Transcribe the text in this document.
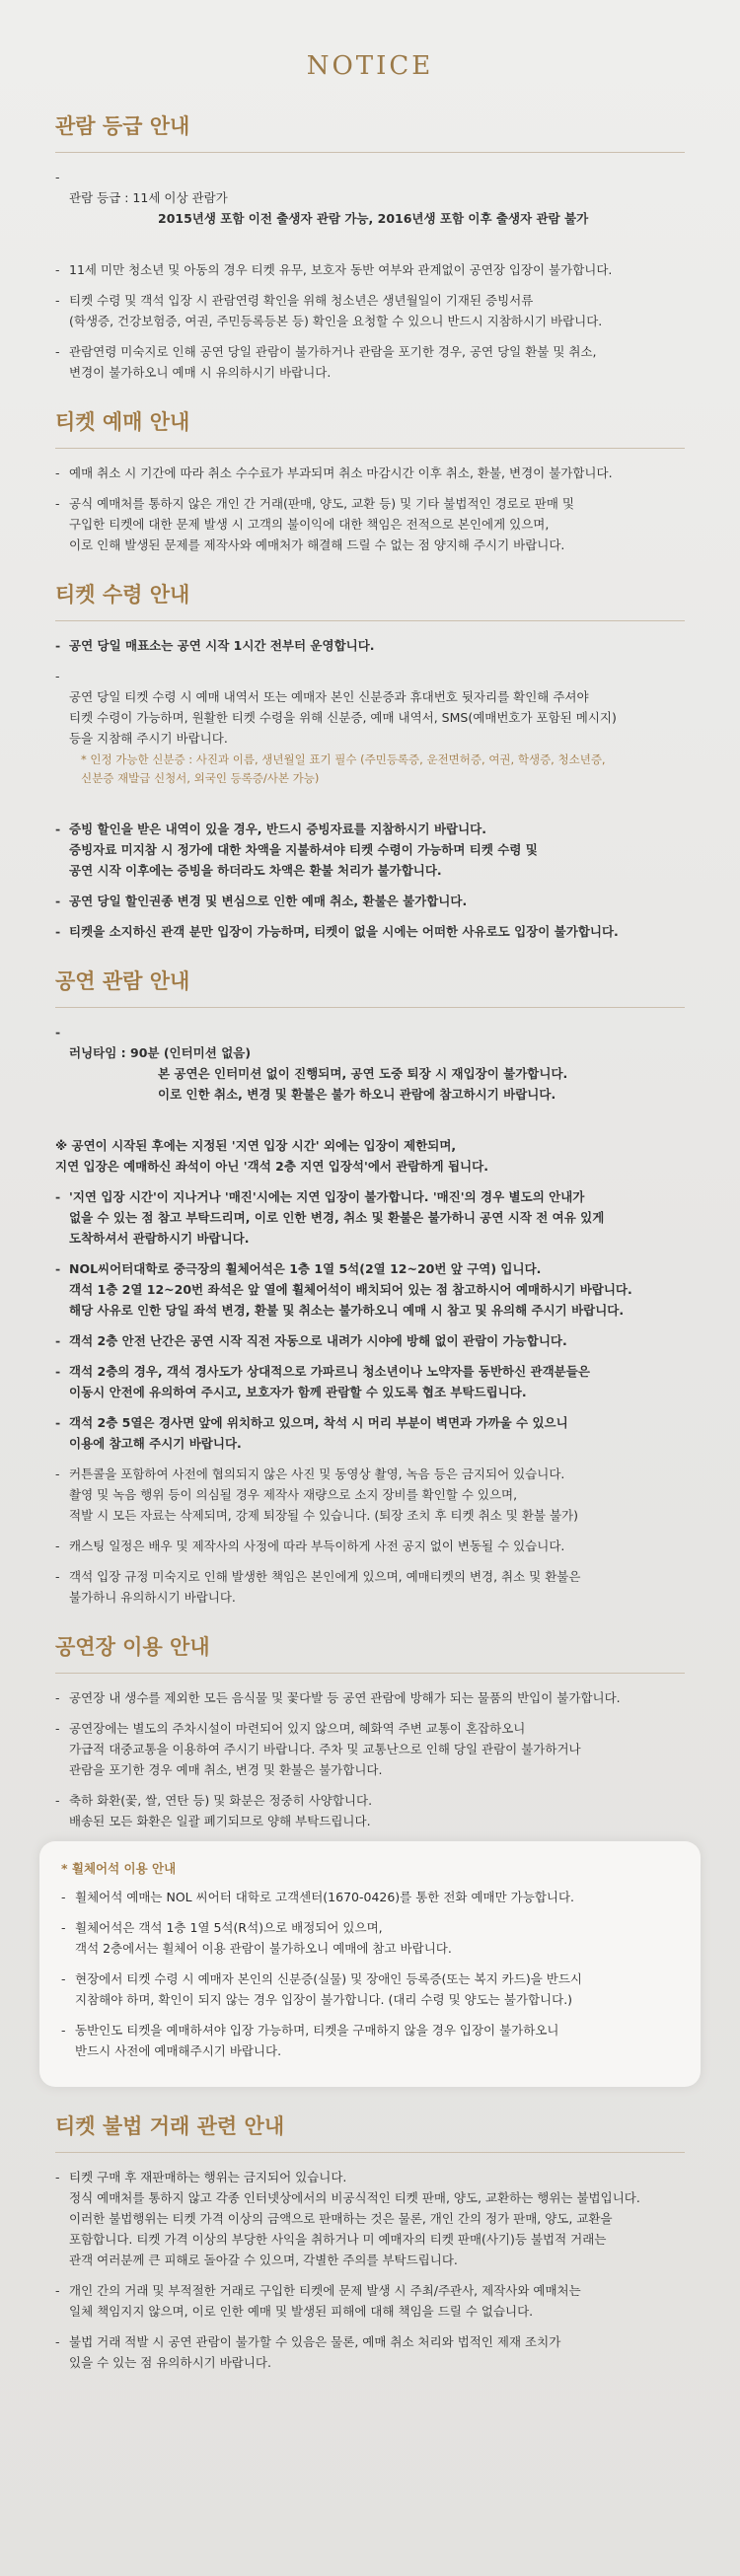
NOTICE
관람 등급 안내

- 관람 등급 : 11세 이상 관람가

2015년생 포함 이전 출생자 관람 가능, 2016년생 포함 이후 출생자 관람 불가

- 11세 미만 청소년 및 아동의 경우 티켓 유무, 보호자 동반 여부와 관계없이 공연장 입장이 불가합니다.
- 티켓 수령 및 객석 입장 시 관람연령 확인을 위해 청소년은 생년월일이 기재된 증빙서류
(학생증, 건강보험증, 여권, 주민등록등본 등) 확인을 요청할 수 있으니 반드시 지참하시기 바랍니다.
- 관람연령 미숙지로 인해 공연 당일 관람이 불가하거나 관람을 포기한 경우, 공연 당일 환불 및 취소,
변경이 불가하오니 예매 시 유의하시기 바랍니다.
티켓 예매 안내
- 예매 취소 시 기간에 따라 취소 수수료가 부과되며 취소 마감시간 이후 취소, 환불, 변경이 불가합니다.
- 공식 예매처를 통하지 않은 개인 간 거래(판매, 양도, 교환 등) 및 기타 불법적인 경로로 판매 및
구입한 티켓에 대한 문제 발생 시 고객의 불이익에 대한 책임은 전적으로 본인에게 있으며,
이로 인해 발생된 문제를 제작사와 예매처가 해결해 드릴 수 없는 점 양지해 주시기 바랍니다.
티켓 수령 안내
- 공연 당일 매표소는 공연 시작 1시간 전부터 운영합니다.

- 공연 당일 티켓 수령 시 예매 내역서 또는 예매자 본인 신분증과 휴대번호 뒷자리를 확인해 주셔야
티켓 수령이 가능하며, 원활한 티켓 수령을 위해 신분증, 예매 내역서, SMS(예매번호가 포함된 메시지)
등을 지참해 주시기 바랍니다.

* 인정 가능한 신분증 : 사진과 이름, 생년월일 표기 필수 (주민등록증, 운전면허증, 여권, 학생증, 청소년증,
신분증 재발급 신청서, 외국인 등록증/사본 가능)

- 증빙 할인을 받은 내역이 있을 경우, 반드시 증빙자료를 지참하시기 바랍니다.
증빙자료 미지참 시 정가에 대한 차액을 지불하셔야 티켓 수령이 가능하며 티켓 수령 및
공연 시작 이후에는 증빙을 하더라도 차액은 환불 처리가 불가합니다.
- 공연 당일 할인권종 변경 및 변심으로 인한 예매 취소, 환불은 불가합니다.
- 티켓을 소지하신 관객 분만 입장이 가능하며, 티켓이 없을 시에는 어떠한 사유로도 입장이 불가합니다.
공연 관람 안내

- 러닝타임 : 90분 (인터미션 없음)

본 공연은 인터미션 없이 진행되며, 공연 도중 퇴장 시 재입장이 불가합니다.
이로 인한 취소, 변경 및 환불은 불가 하오니 관람에 참고하시기 바랍니다.

※ 공연이 시작된 후에는 지정된 '지연 입장 시간' 외에는 입장이 제한되며,
지연 입장은 예매하신 좌석이 아닌 '객석 2층 지연 입장석'에서 관람하게 됩니다.
- '지연 입장 시간'이 지나거나 '매진'시에는 지연 입장이 불가합니다. '매진'의 경우 별도의 안내가
없을 수 있는 점 참고 부탁드리며, 이로 인한 변경, 취소 및 환불은 불가하니 공연 시작 전 여유 있게
도착하셔서 관람하시기 바랍니다.
- NOL씨어터대학로 중극장의 휠체어석은 1층 1열 5석(2열 12~20번 앞 구역) 입니다.
객석 1층 2열 12~20번 좌석은 앞 열에 휠체어석이 배치되어 있는 점 참고하시어 예매하시기 바랍니다.
해당 사유로 인한 당일 좌석 변경, 환불 및 취소는 불가하오니 예매 시 참고 및 유의해 주시기 바랍니다.
- 객석 2층 안전 난간은 공연 시작 직전 자동으로 내려가 시야에 방해 없이 관람이 가능합니다.
- 객석 2층의 경우, 객석 경사도가 상대적으로 가파르니 청소년이나 노약자를 동반하신 관객분들은
이동시 안전에 유의하여 주시고, 보호자가 함께 관람할 수 있도록 협조 부탁드립니다.
- 객석 2층 5열은 경사면 앞에 위치하고 있으며, 착석 시 머리 부분이 벽면과 가까울 수 있으니
이용에 참고해 주시기 바랍니다.
- 커튼콜을 포함하여 사전에 협의되지 않은 사진 및 동영상 촬영, 녹음 등은 금지되어 있습니다.
촬영 및 녹음 행위 등이 의심될 경우 제작사 재량으로 소지 장비를 확인할 수 있으며,
적발 시 모든 자료는 삭제되며, 강제 퇴장될 수 있습니다. (퇴장 조치 후 티켓 취소 및 환불 불가)
- 캐스팅 일정은 배우 및 제작사의 사정에 따라 부득이하게 사전 공지 없이 변동될 수 있습니다.
- 객석 입장 규정 미숙지로 인해 발생한 책임은 본인에게 있으며, 예매티켓의 변경, 취소 및 환불은
불가하니 유의하시기 바랍니다.
공연장 이용 안내
- 공연장 내 생수를 제외한 모든 음식물 및 꽃다발 등 공연 관람에 방해가 되는 물품의 반입이 불가합니다.
- 공연장에는 별도의 주차시설이 마련되어 있지 않으며, 혜화역 주변 교통이 혼잡하오니
가급적 대중교통을 이용하여 주시기 바랍니다. 주차 및 교통난으로 인해 당일 관람이 불가하거나
관람을 포기한 경우 예매 취소, 변경 및 환불은 불가합니다.
- 축하 화환(꽃, 쌀, 연탄 등) 및 화분은 정중히 사양합니다.
배송된 모든 화환은 일괄 폐기되므로 양해 부탁드립니다.
* 휠체어석 이용 안내
- 휠체어석 예매는 NOL 씨어터 대학로 고객센터(1670-0426)를 통한 전화 예매만 가능합니다.
- 휠체어석은 객석 1층 1열 5석(R석)으로 배정되어 있으며,
객석 2층에서는 휠체어 이용 관람이 불가하오니 예매에 참고 바랍니다.
- 현장에서 티켓 수령 시 예매자 본인의 신분증(실물) 및 장애인 등록증(또는 복지 카드)을 반드시
지참해야 하며, 확인이 되지 않는 경우 입장이 불가합니다. (대리 수령 및 양도는 불가합니다.)
- 동반인도 티켓을 예매하셔야 입장 가능하며, 티켓을 구매하지 않을 경우 입장이 불가하오니
반드시 사전에 예매해주시기 바랍니다.
티켓 불법 거래 관련 안내
- 티켓 구매 후 재판매하는 행위는 금지되어 있습니다.
정식 예매처를 통하지 않고 각종 인터넷상에서의 비공식적인 티켓 판매, 양도, 교환하는 행위는 불법입니다.
이러한 불법행위는 티켓 가격 이상의 금액으로 판매하는 것은 물론, 개인 간의 정가 판매, 양도, 교환을
포함합니다. 티켓 가격 이상의 부당한 사익을 취하거나 미 예매자의 티켓 판매(사기)등 불법적 거래는
관객 여러분께 큰 피해로 돌아갈 수 있으며, 각별한 주의를 부탁드립니다.
- 개인 간의 거래 및 부적절한 거래로 구입한 티켓에 문제 발생 시 주최/주관사, 제작사와 예매처는
일체 책임지지 않으며, 이로 인한 예매 및 발생된 피해에 대해 책임을 드릴 수 없습니다.
- 불법 거래 적발 시 공연 관람이 불가할 수 있음은 물론, 예매 취소 처리와 법적인 제재 조치가
있을 수 있는 점 유의하시기 바랍니다.
